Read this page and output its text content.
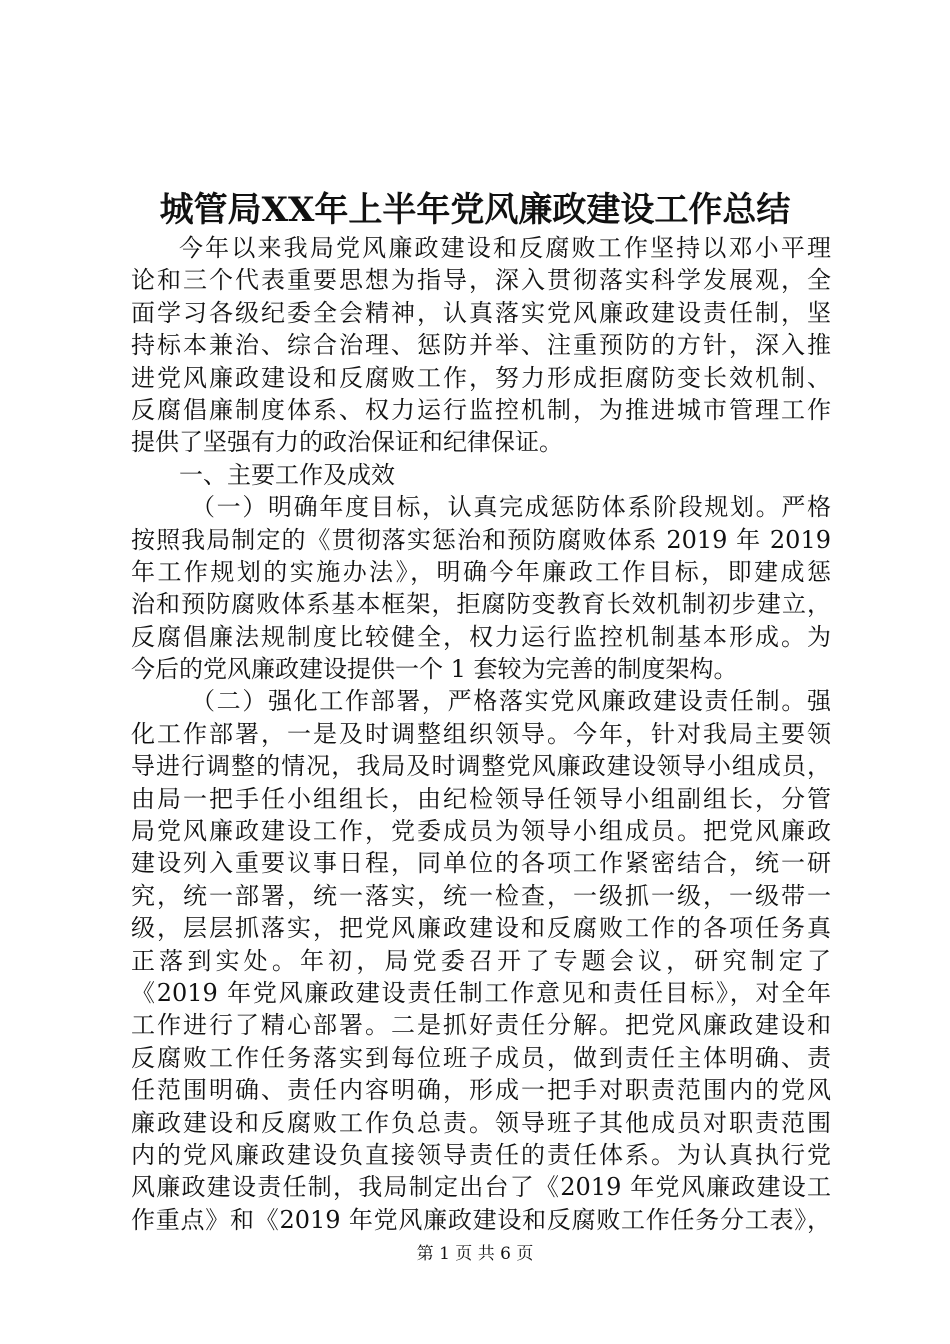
城管局XX年上半年党风廉政建设工作总结
今年以来我局党风廉政建设和反腐败工作坚持以邓小平理
论和三个代表重要思想为指导，深入贯彻落实科学发展观，全
面学习各级纪委全会精神，认真落实党风廉政建设责任制，坚
持标本兼治、综合治理、惩防并举、注重预防的方针，深入推
进党风廉政建设和反腐败工作，努力形成拒腐防变长效机制、
反腐倡廉制度体系、权力运行监控机制，为推进城市管理工作
提供了坚强有力的政治保证和纪律保证。
一、主要工作及成效
（一）明确年度目标，认真完成惩防体系阶段规划。严格
按照我局制定的《贯彻落实惩治和预防腐败体系 2019 年 2019
年工作规划的实施办法》，明确今年廉政工作目标，即建成惩
治和预防腐败体系基本框架，拒腐防变教育长效机制初步建立，
反腐倡廉法规制度比较健全，权力运行监控机制基本形成。为
今后的党风廉政建设提供一个 1 套较为完善的制度架构。
（二）强化工作部署，严格落实党风廉政建设责任制。强
化工作部署，一是及时调整组织领导。今年，针对我局主要领
导进行调整的情况，我局及时调整党风廉政建设领导小组成员，
由局一把手任小组组长，由纪检领导任领导小组副组长，分管
局党风廉政建设工作，党委成员为领导小组成员。把党风廉政
建设列入重要议事日程，同单位的各项工作紧密结合，统一研
究，统一部署，统一落实，统一检查，一级抓一级，一级带一
级，层层抓落实，把党风廉政建设和反腐败工作的各项任务真
正落到实处。年初，局党委召开了专题会议，研究制定了
《2019 年党风廉政建设责任制工作意见和责任目标》，对全年
工作进行了精心部署。二是抓好责任分解。把党风廉政建设和
反腐败工作任务落实到每位班子成员，做到责任主体明确、责
任范围明确、责任内容明确，形成一把手对职责范围内的党风
廉政建设和反腐败工作负总责。领导班子其他成员对职责范围
内的党风廉政建设负直接领导责任的责任体系。为认真执行党
风廉政建设责任制，我局制定出台了《2019 年党风廉政建设工
作重点》和《2019 年党风廉政建设和反腐败工作任务分工表》，
第 1 页 共 6 页
